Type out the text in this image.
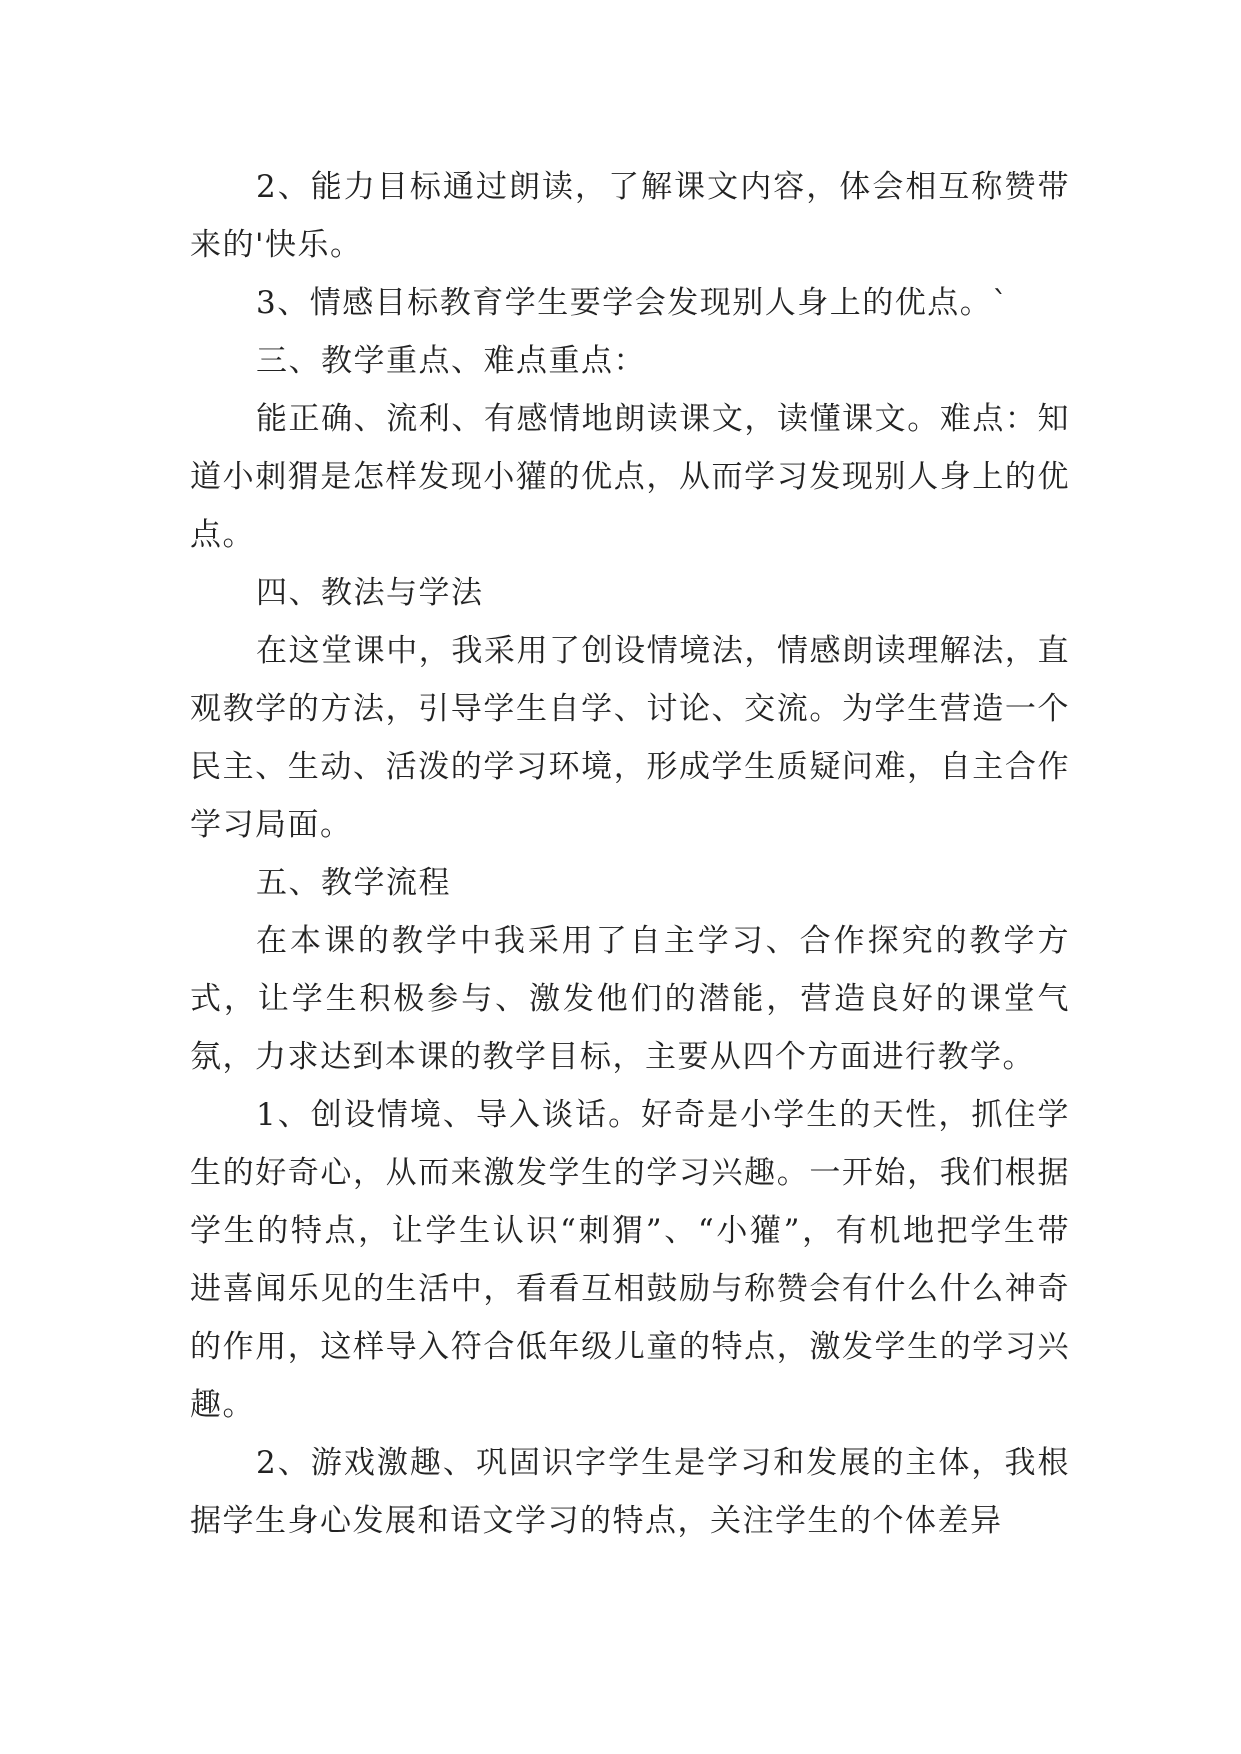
2、能力目标通过朗读，了解课文内容，体会相互称赞带来的'快乐。

3、情感目标教育学生要学会发现别人身上的优点。`

三、教学重点、难点重点：

能正确、流利、有感情地朗读课文，读懂课文。难点：知道小刺猬是怎样发现小獾的优点，从而学习发现别人身上的优点。

四、教法与学法

在这堂课中，我采用了创设情境法，情感朗读理解法，直观教学的方法，引导学生自学、讨论、交流。为学生营造一个民主、生动、活泼的学习环境，形成学生质疑问难，自主合作学习局面。

五、教学流程

在本课的教学中我采用了自主学习、合作探究的教学方式，让学生积极参与、激发他们的潜能，营造良好的课堂气氛，力求达到本课的教学目标，主要从四个方面进行教学。

1、创设情境、导入谈话。好奇是小学生的天性，抓住学生的好奇心，从而来激发学生的学习兴趣。一开始，我们根据学生的特点，让学生认识“刺猬”、“小獾”，有机地把学生带进喜闻乐见的生活中，看看互相鼓励与称赞会有什么什么神奇的作用，这样导入符合低年级儿童的特点，激发学生的学习兴趣。

2、游戏激趣、巩固识字学生是学习和发展的主体，我根据学生身心发展和语文学习的特点，关注学生的个体差异
